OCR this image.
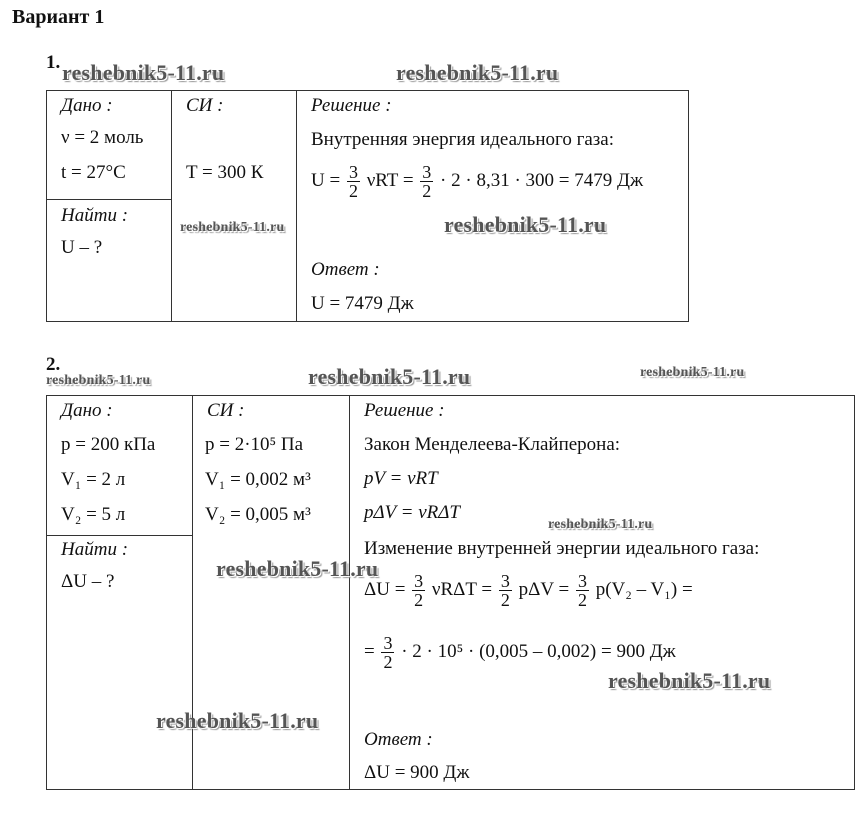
Вариант 1
1. reshebnik5-11.ru	reshebnik5-11.ru
Дано :
ν = 2 моль
t = 27°C
Найти :
U – ?

СИ :
T = 300 К

Решение :
Внутренняя энергия идеального газа:
$U = \frac{3}{2}$ $\nu RT = \frac{3}{2} \cdot 2 \cdot 8,31 \cdot 300 = 7479$ Дж
Ответ :
U = 7479 Дж
reshebnik5-11.ru	reshebnik5-11.ru
2.
reshebnik5-11.ru	reshebnik5-11.ru	reshebnik5-11.ru
Дано :
p = 200 кПа
V₁ = 2 л
V₂ = 5 л
Найти :
ΔU – ?

СИ :
p = 2·10⁵ Па
V₁ = 0,002 м³
V₂ = 0,005 м³

Решение :
Закон Менделеева-Клайперона:
pV = νRT
pΔV = νRΔT
Изменение внутренней энергии идеального газа:
$\Delta U = \frac{3}{2}$ $\nu R\Delta T = \frac{3}{2}$ $p\Delta V = \frac{3}{2} p(V_2 - V_1)$ =
= $\frac{3}{2} \cdot 2 \cdot 10^5 \cdot (0,005 - 0,002) = 900$ Дж
Ответ :
ΔU = 900 Дж
reshebnik5-11.ru
reshebnik5-11.ru
reshebnik5-11.ru
reshebnik5-11.ru
